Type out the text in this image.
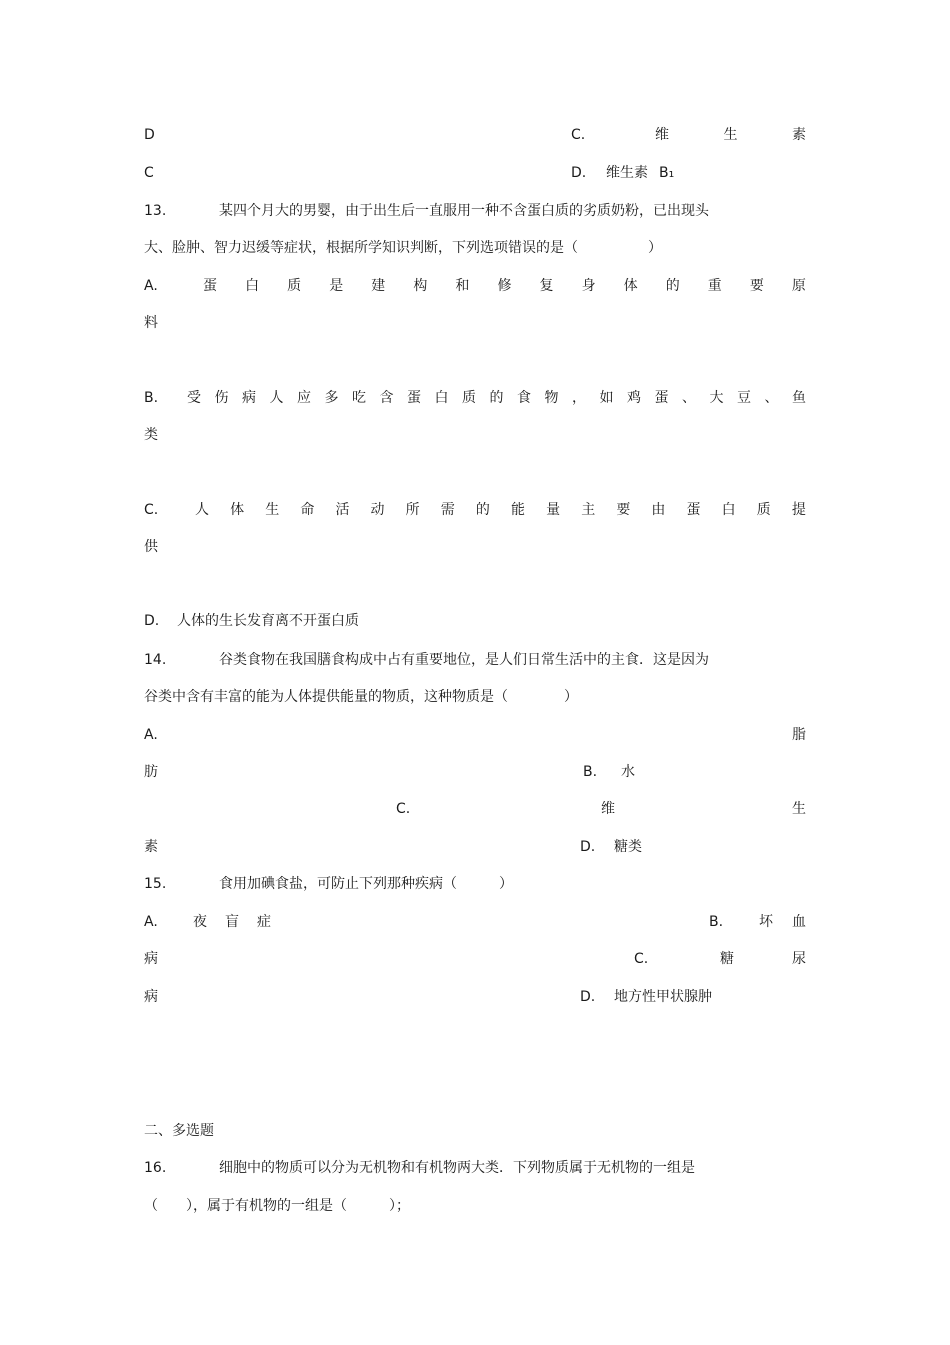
D	C.	维	生	素
C	D. 维生素 B₁
13.	某四个月大的男婴，由于出生后一直服用一种不含蛋白质的劣质奶粉，已出现头
大、脸肿、智力迟缓等症状，根据所学知识判断，下列选项错误的是（　　　　　）
A.	蛋 白 质 是 建 构 和 修 复 身 体 的 重 要 原
料
B. 受 伤 病 人 应 多 吃 含 蛋 白 质 的 食 物 ， 如 鸡 蛋 、 大 豆 、 鱼
类
C.	人 体 生 命 活 动 所 需 的 能 量 主 要 由 蛋 白 质 提
供
D. 人体的生长发育离不开蛋白质
14.	谷类食物在我国膳食构成中占有重要地位，是人们日常生活中的主食．这是因为
谷类中含有丰富的能为人体提供能量的物质，这种物质是（　　　　）
A.	脂
肪	B. 水
C.	维	生
素	D. 糖类
15.	食用加碘食盐，可防止下列那种疾病（　　　）
A.	夜 盲 症	B.	坏 血
病	C.	糖	尿
病	D. 地方性甲状腺肿
二、多选题
16.	细胞中的物质可以分为无机物和有机物两大类．下列物质属于无机物的一组是
（　　），属于有机物的一组是（　　　）；
